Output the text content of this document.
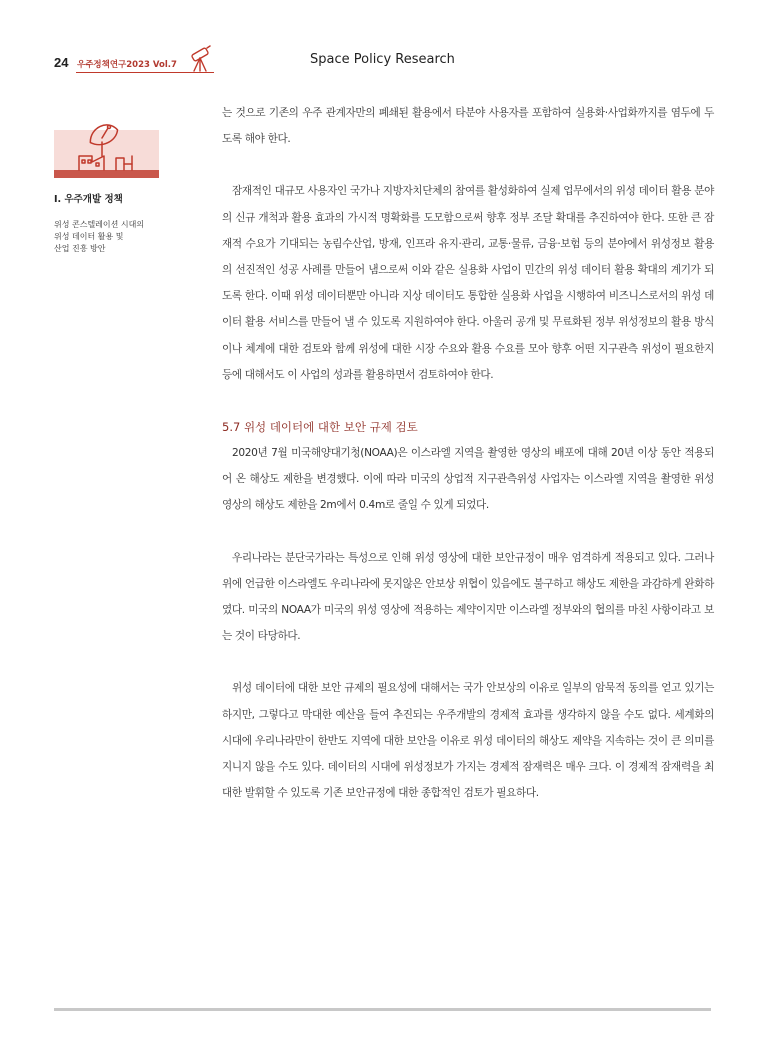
24 우주정책연구2023 Vol.7	Space Policy Research
I. 우주개발 정책
위성 콘스텔레이션 시대의
위성 데이터 활용 및
산업 진흥 방안

는 것으로 기존의 우주 관계자만의 폐쇄된 활용에서 타분야 사용자를 포함하여 실용화·사업화까지를 염두에 두도록 해야 한다.

잠재적인 대규모 사용자인 국가나 지방자치단체의 참여를 활성화하여 실제 업무에서의 위성 데이터 활용 분야의 신규 개척과 활용 효과의 가시적 명확화를 도모함으로써 향후 정부 조달 확대를 추진하여야 한다. 또한 큰 잠재적 수요가 기대되는 농림수산업, 방재, 인프라 유지·관리, 교통·물류, 금융·보험 등의 분야에서 위성정보 활용의 선진적인 성공 사례를 만들어 냄으로써 이와 같은 실용화 사업이 민간의 위성 데이터 활용 확대의 계기가 되도록 한다. 이때 위성 데이터뿐만 아니라 지상 데이터도 통합한 실용화 사업을 시행하여 비즈니스로서의 위성 데이터 활용 서비스를 만들어 낼 수 있도록 지원하여야 한다. 아울러 공개 및 무료화된 정부 위성정보의 활용 방식이나 체계에 대한 검토와 함께 위성에 대한 시장 수요와 활용 수요를 모아 향후 어떤 지구관측 위성이 필요한지 등에 대해서도 이 사업의 성과를 활용하면서 검토하여야 한다.

5.7 위성 데이터에 대한 보안 규제 검토

2020년 7월 미국해양대기청(NOAA)은 이스라엘 지역을 촬영한 영상의 배포에 대해 20년 이상 동안 적용되어 온 해상도 제한을 변경했다. 이에 따라 미국의 상업적 지구관측위성 사업자는 이스라엘 지역을 촬영한 위성 영상의 해상도 제한을 2m에서 0.4m로 줄일 수 있게 되었다.

우리나라는 분단국가라는 특성으로 인해 위성 영상에 대한 보안규정이 매우 엄격하게 적용되고 있다. 그러나 위에 언급한 이스라엘도 우리나라에 못지않은 안보상 위협이 있음에도 불구하고 해상도 제한을 과감하게 완화하였다. 미국의 NOAA가 미국의 위성 영상에 적용하는 제약이지만 이스라엘 정부와의 협의를 마친 사항이라고 보는 것이 타당하다.

위성 데이터에 대한 보안 규제의 필요성에 대해서는 국가 안보상의 이유로 일부의 암묵적 동의를 얻고 있기는 하지만, 그렇다고 막대한 예산을 들여 추진되는 우주개발의 경제적 효과를 생각하지 않을 수도 없다. 세계화의 시대에 우리나라만이 한반도 지역에 대한 보안을 이유로 위성 데이터의 해상도 제약을 지속하는 것이 큰 의미를 지니지 않을 수도 있다. 데이터의 시대에 위성정보가 가지는 경제적 잠재력은 매우 크다. 이 경제적 잠재력을 최대한 발휘할 수 있도록 기존 보안규정에 대한 종합적인 검토가 필요하다.
